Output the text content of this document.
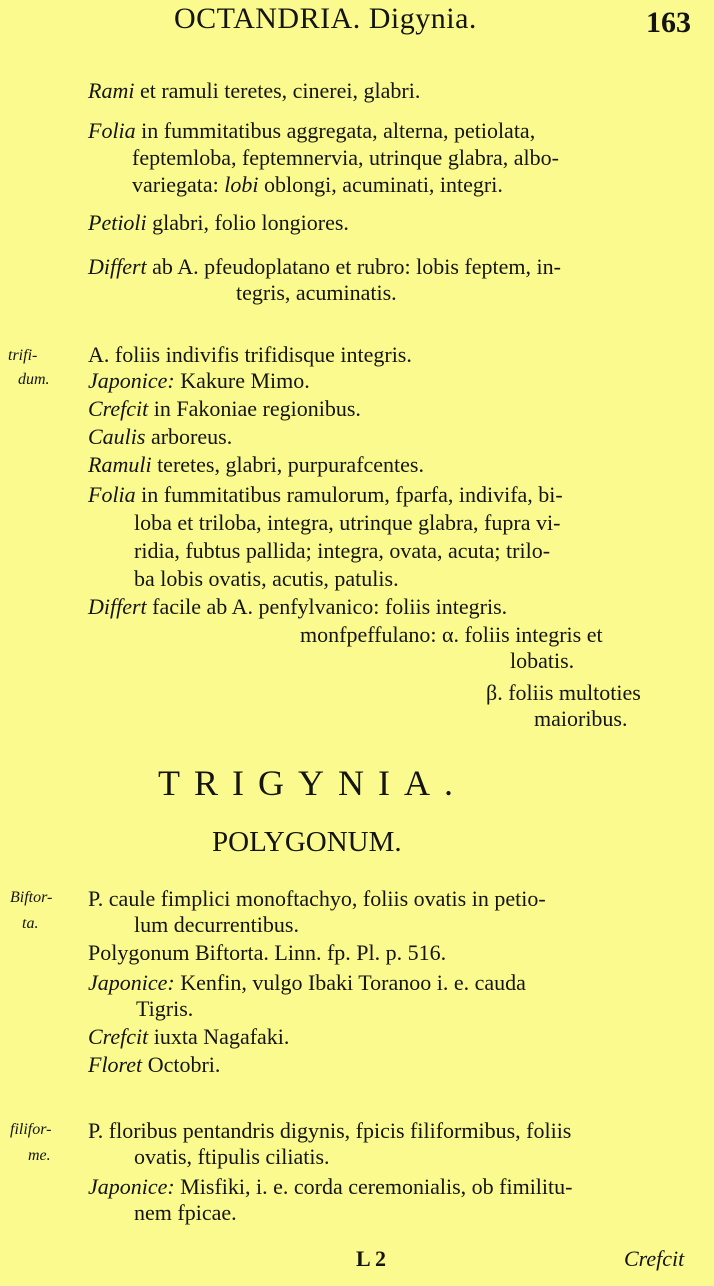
OCTANDRIA. Digynia.	163
Rami et ramuli teretes, cinerei, glabri.
Folia in fummitatibus aggregata, alterna, petiolata,
feptemloba, feptemnervia, utrinque glabra, albo-
variegata: lobi oblongi, acuminati, integri.
Petioli glabri, folio longiores.
Differt ab A. pfeudoplatano et rubro: lobis feptem, in-
tegris, acuminatis.
trifi-
dum.
A. foliis indivifis trifidisque integris.
Japonice: Kakure Mimo.
Crefcit in Fakoniae regionibus.
Caulis arboreus.
Ramuli teretes, glabri, purpurafcentes.
Folia in fummitatibus ramulorum, fparfa, indivifa, bi-
loba et triloba, integra, utrinque glabra, fupra vi-
ridia, fubtus pallida; integra, ovata, acuta; trilo-
ba lobis ovatis, acutis, patulis.
Differt facile ab A. penfylvanico: foliis integris.
monfpeffulano: α. foliis integris et
lobatis.
β. foliis multoties
maioribus.
TRIGYNIA.
POLYGONUM.
Biftor-
ta.
P. caule fimplici monoftachyo, foliis ovatis in petio-
lum decurrentibus.
Polygonum Biftorta. Linn. fp. Pl. p. 516.
Japonice: Kenfin, vulgo Ibaki Toranoo i. e. cauda
Tigris.
Crefcit iuxta Nagafaki.
Floret Octobri.
filifor-
me.
P. floribus pentandris digynis, fpicis filiformibus, foliis
ovatis, ftipulis ciliatis.
Japonice: Misfiki, i. e. corda ceremonialis, ob fimilitu-
nem fpicae.
L 2	Crefcit
